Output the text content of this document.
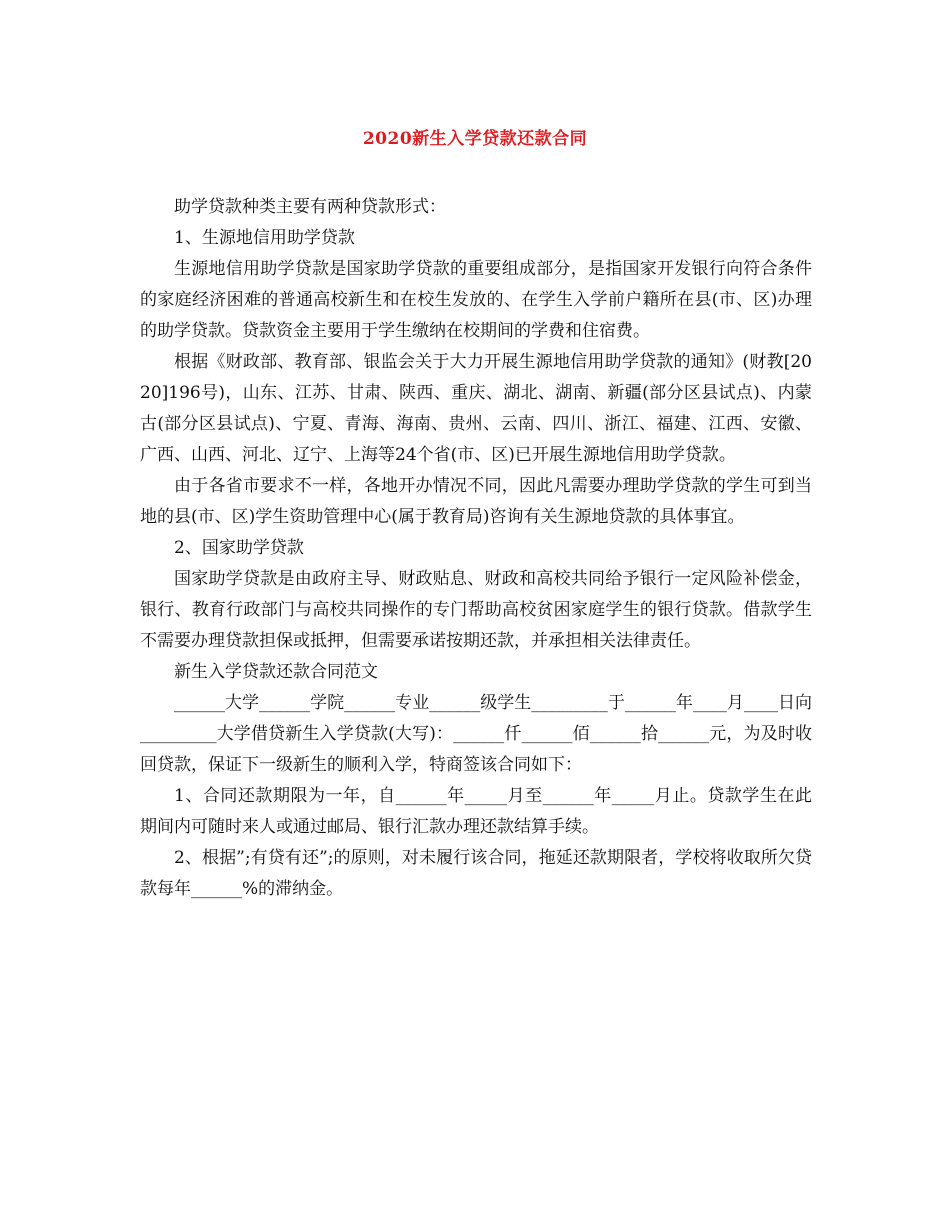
2020新生入学贷款还款合同

助学贷款种类主要有两种贷款形式：

1、生源地信用助学贷款

生源地信用助学贷款是国家助学贷款的重要组成部分，是指国家开发银行向符合条件的家庭经济困难的普通高校新生和在校生发放的、在学生入学前户籍所在县(市、区)办理的助学贷款。贷款资金主要用于学生缴纳在校期间的学费和住宿费。

根据《财政部、教育部、银监会关于大力开展生源地信用助学贷款的通知》(财教[2020]196号)，山东、江苏、甘肃、陕西、重庆、湖北、湖南、新疆(部分区县试点)、内蒙古(部分区县试点)、宁夏、青海、海南、贵州、云南、四川、浙江、福建、江西、安徽、广西、山西、河北、辽宁、上海等24个省(市、区)已开展生源地信用助学贷款。

由于各省市要求不一样，各地开办情况不同，因此凡需要办理助学贷款的学生可到当地的县(市、区)学生资助管理中心(属于教育局)咨询有关生源地贷款的具体事宜。

2、国家助学贷款

国家助学贷款是由政府主导、财政贴息、财政和高校共同给予银行一定风险补偿金，银行、教育行政部门与高校共同操作的专门帮助高校贫困家庭学生的银行贷款。借款学生不需要办理贷款担保或抵押，但需要承诺按期还款，并承担相关法律责任。

新生入学贷款还款合同范文

______大学______学院______专业______级学生_________于______年____月____日向_________大学借贷新生入学贷款(大写)：______仟______佰______拾______元，为及时收回贷款，保证下一级新生的顺利入学，特商签该合同如下：

1、合同还款期限为一年，自______年_____月至______年_____月止。贷款学生在此期间内可随时来人或通过邮局、银行汇款办理还款结算手续。

2、根据”;有贷有还”;的原则，对未履行该合同，拖延还款期限者，学校将收取所欠贷款每年______%的滞纳金。
